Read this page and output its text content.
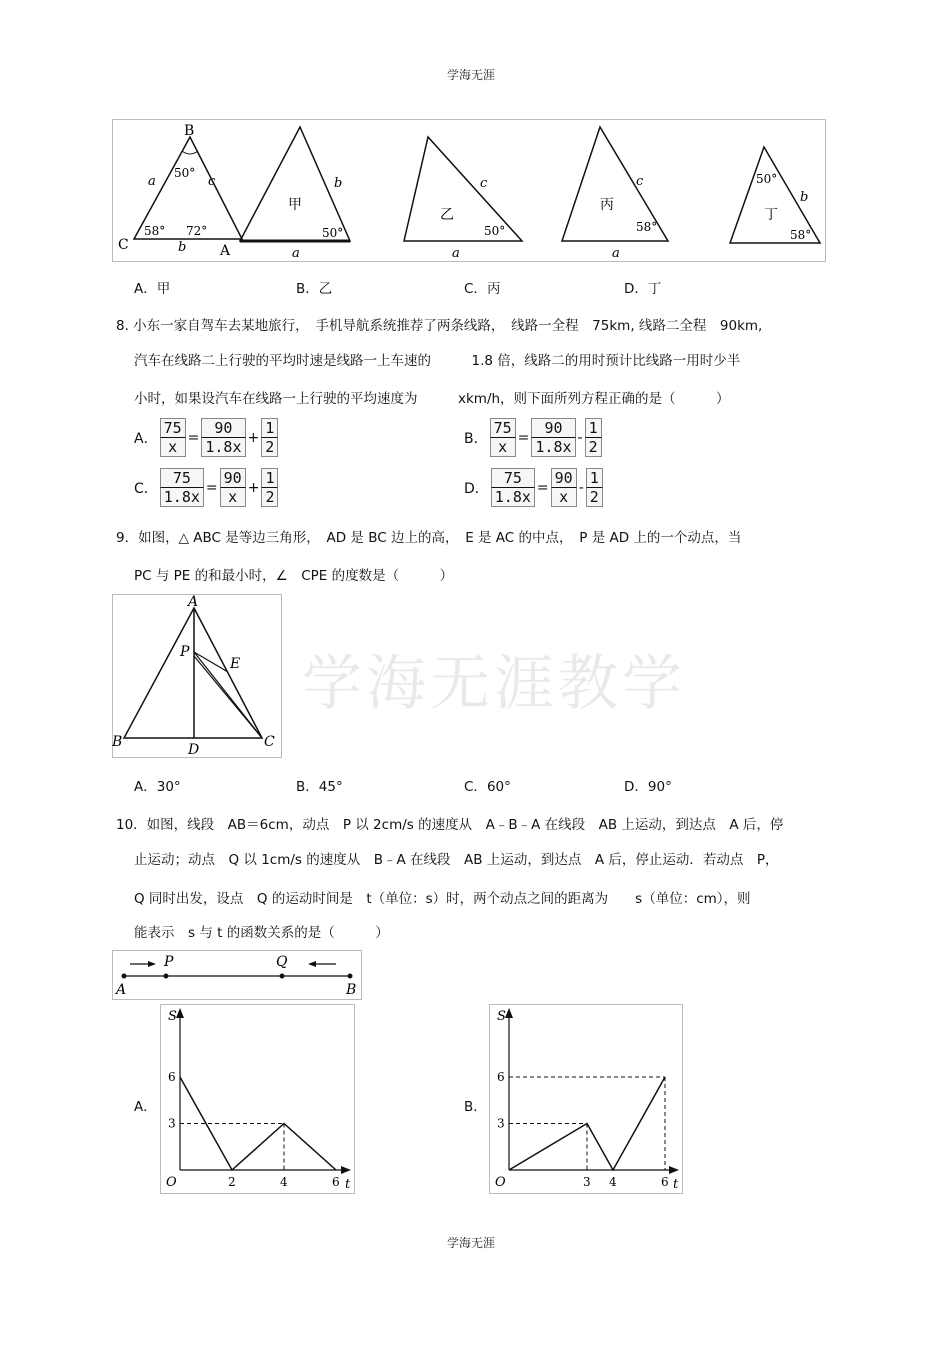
学海无涯
B
C	A
a
b
c
50°
58° 72°
甲
b
a
50°
乙
c
a
50°
丙
c
a
58°
丁
b
50°
58°
A．甲	B．乙	C．丙	D．丁
8. 小东一家自驾车去某地旅行，　手机导航系统推荐了两条线路，　线路一全程　75km, 线路二全程　90km,
汽车在线路二上行驶的平均时速是线路一上车速的　　　1.8 倍，线路二的用时预计比线路一用时少半
小时，如果设汽车在线路一上行驶的平均速度为　　　xkm/h，则下面所列方程正确的是（　　　）
A． $\frac{75}{x} = \frac{90}{1.8x} + \frac{1}{2}$	B． $\frac{75}{x} = \frac{90}{1.8x} - \frac{1}{2}$
C． $\frac{75}{1.8x} = \frac{90}{x} + \frac{1}{2}$	D． $\frac{75}{1.8x} = \frac{90}{x} - \frac{1}{2}$
9．如图，△ ABC 是等边三角形，　AD 是 BC 边上的高，　E 是 AC 的中点，　P 是 AD 上的一个动点，当
PC 与 PE 的和最小时，∠　CPE 的度数是（　　　）
学海无涯教学
A
B	C
D
P
E
A．30°	B．45°	C．60°	D．90°
10．如图，线段　AB＝6cm，动点　P 以 2cm/s 的速度从　A﹣B﹣A 在线段　AB 上运动，到达点　A 后，停
止运动；动点　Q 以 1cm/s 的速度从　B﹣A 在线段　AB 上运动，到达点　A 后，停止运动．若动点　P，
Q 同时出发，设点　Q 的运动时间是　t（单位：s）时，两个动点之间的距离为　　s（单位：cm），则
能表示　s 与 t 的函数关系的是（　　　）
A	B
P	Q
A．	B．
S
t
O	2	4	6
3
6
S
t
O	3 4	6
3
6
学海无涯
